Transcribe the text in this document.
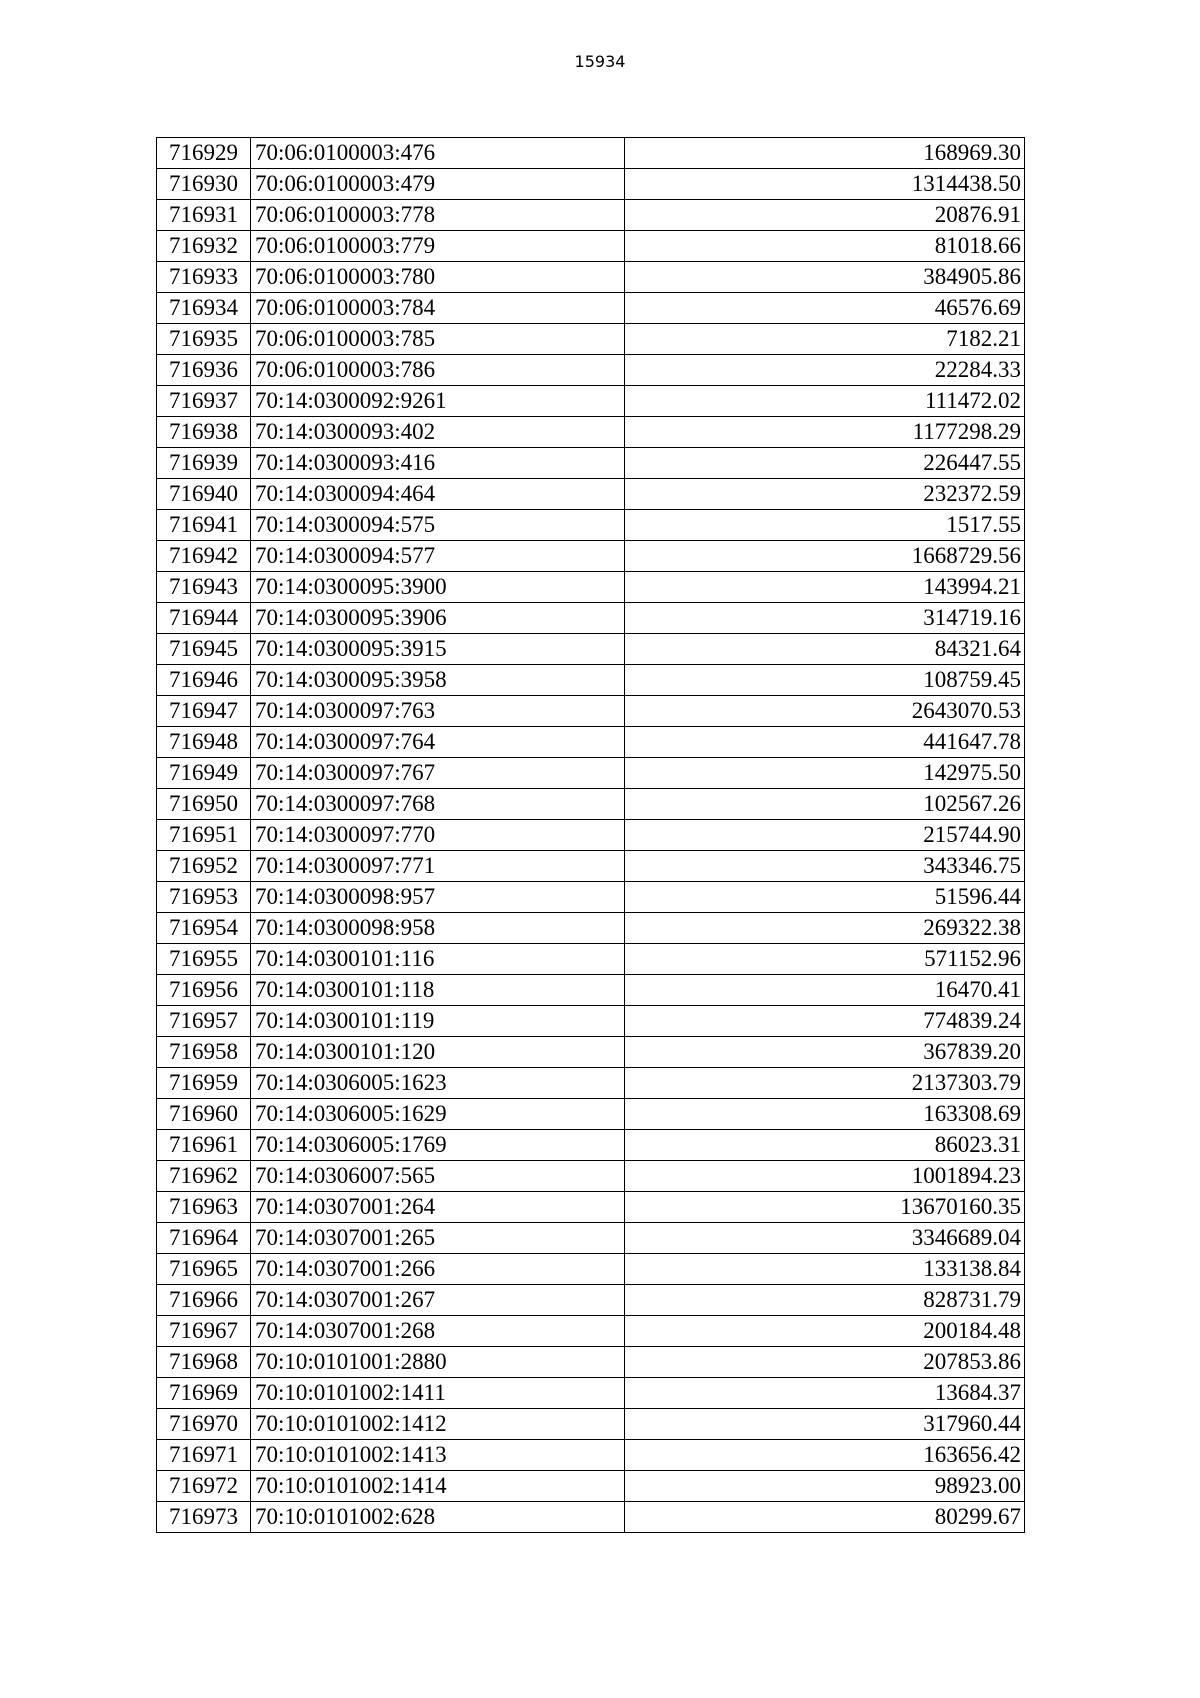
15934
716929	70:06:0100003:476	168969.30
716930	70:06:0100003:479	1314438.50
716931	70:06:0100003:778	20876.91
716932	70:06:0100003:779	81018.66
716933	70:06:0100003:780	384905.86
716934	70:06:0100003:784	46576.69
716935	70:06:0100003:785	7182.21
716936	70:06:0100003:786	22284.33
716937	70:14:0300092:9261	111472.02
716938	70:14:0300093:402	1177298.29
716939	70:14:0300093:416	226447.55
716940	70:14:0300094:464	232372.59
716941	70:14:0300094:575	1517.55
716942	70:14:0300094:577	1668729.56
716943	70:14:0300095:3900	143994.21
716944	70:14:0300095:3906	314719.16
716945	70:14:0300095:3915	84321.64
716946	70:14:0300095:3958	108759.45
716947	70:14:0300097:763	2643070.53
716948	70:14:0300097:764	441647.78
716949	70:14:0300097:767	142975.50
716950	70:14:0300097:768	102567.26
716951	70:14:0300097:770	215744.90
716952	70:14:0300097:771	343346.75
716953	70:14:0300098:957	51596.44
716954	70:14:0300098:958	269322.38
716955	70:14:0300101:116	571152.96
716956	70:14:0300101:118	16470.41
716957	70:14:0300101:119	774839.24
716958	70:14:0300101:120	367839.20
716959	70:14:0306005:1623	2137303.79
716960	70:14:0306005:1629	163308.69
716961	70:14:0306005:1769	86023.31
716962	70:14:0306007:565	1001894.23
716963	70:14:0307001:264	13670160.35
716964	70:14:0307001:265	3346689.04
716965	70:14:0307001:266	133138.84
716966	70:14:0307001:267	828731.79
716967	70:14:0307001:268	200184.48
716968	70:10:0101001:2880	207853.86
716969	70:10:0101002:1411	13684.37
716970	70:10:0101002:1412	317960.44
716971	70:10:0101002:1413	163656.42
716972	70:10:0101002:1414	98923.00
716973	70:10:0101002:628	80299.67
